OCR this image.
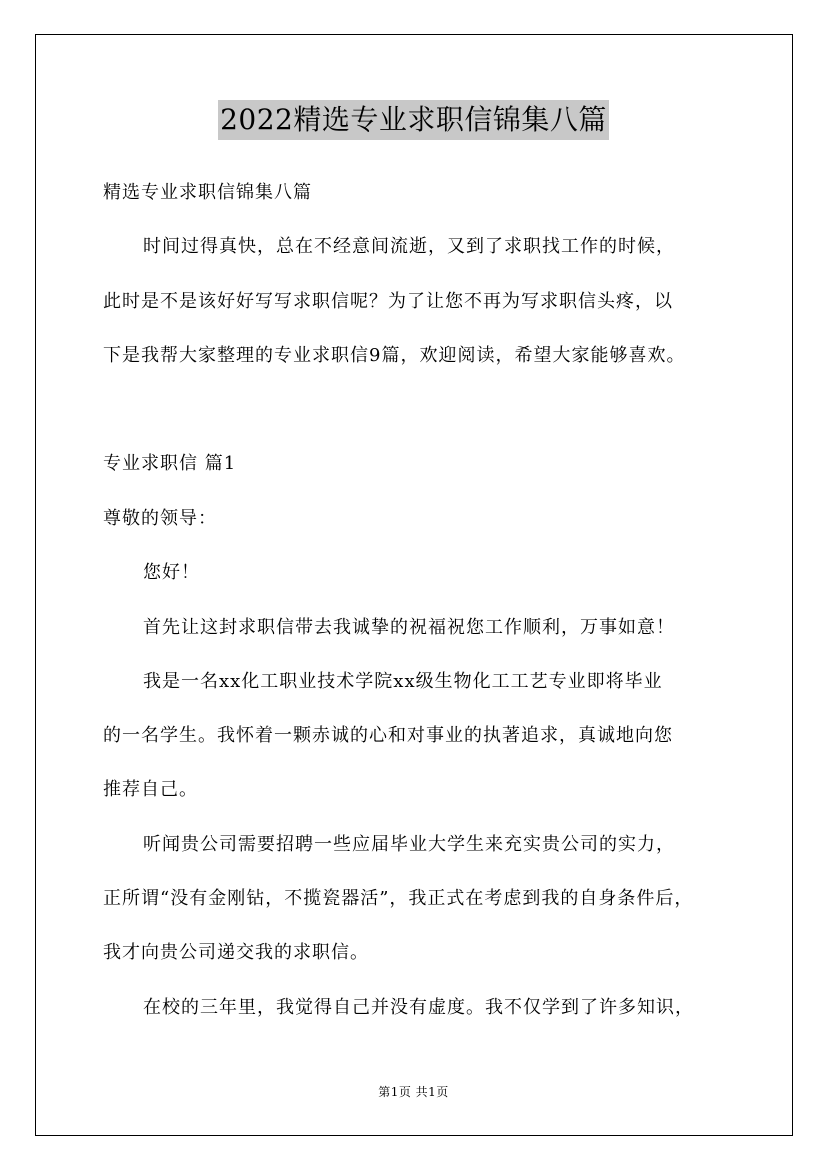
2022精选专业求职信锦集八篇
精选专业求职信锦集八篇
时间过得真快，总在不经意间流逝，又到了求职找工作的时候，
此时是不是该好好写写求职信呢？为了让您不再为写求职信头疼，以
下是我帮大家整理的专业求职信9篇，欢迎阅读，希望大家能够喜欢。
专业求职信 篇1
尊敬的领导：
您好！
首先让这封求职信带去我诚挚的祝福祝您工作顺利，万事如意！
我是一名xx化工职业技术学院xx级生物化工工艺专业即将毕业
的一名学生。我怀着一颗赤诚的心和对事业的执著追求，真诚地向您
推荐自己。
听闻贵公司需要招聘一些应届毕业大学生来充实贵公司的实力，
正所谓“没有金刚钻，不揽瓷器活”，我正式在考虑到我的自身条件后，
我才向贵公司递交我的求职信。
在校的三年里，我觉得自己并没有虚度。我不仅学到了许多知识，
第1页 共1页
